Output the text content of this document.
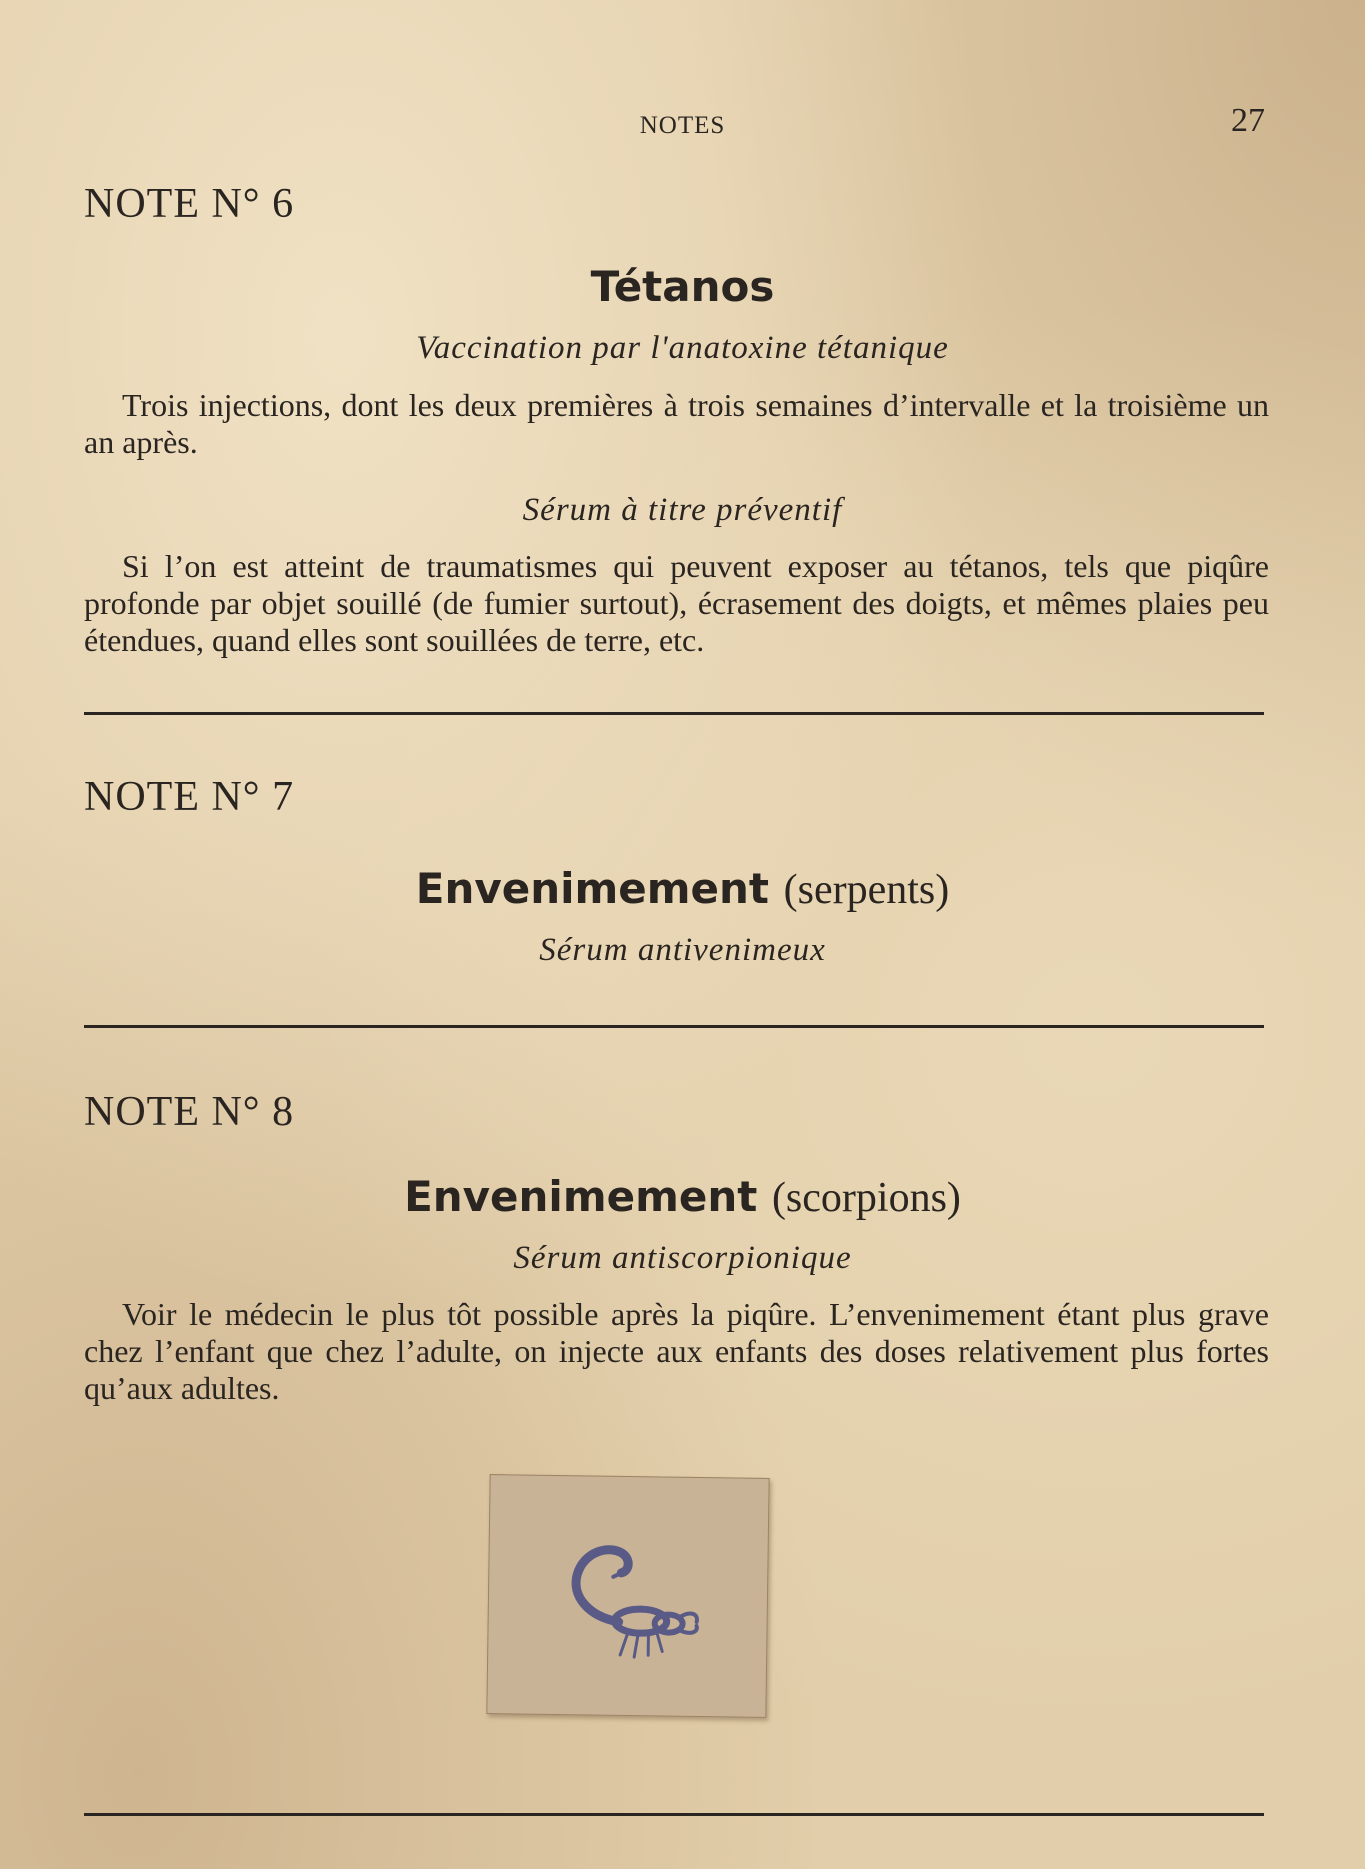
NOTES	27
NOTE N° 6
Tétanos
Vaccination par l'anatoxine tétanique

Trois injections, dont les deux premières à trois semaines d’intervalle et la troisième un an après.

Sérum à titre préventif

Si l’on est atteint de traumatismes qui peuvent exposer au tétanos, tels que piqûre profonde par objet souillé (de fumier surtout), écrasement des doigts, et mêmes plaies peu étendues, quand elles sont souillées de terre, etc.

NOTE N° 7
Envenimement (serpents)
Sérum antivenimeux
NOTE N° 8
Envenimement (scorpions)
Sérum antiscorpionique

Voir le médecin le plus tôt possible après la piqûre. L’envenimement étant plus grave chez l’enfant que chez l’adulte, on injecte aux enfants des doses relativement plus fortes qu’aux adultes.
